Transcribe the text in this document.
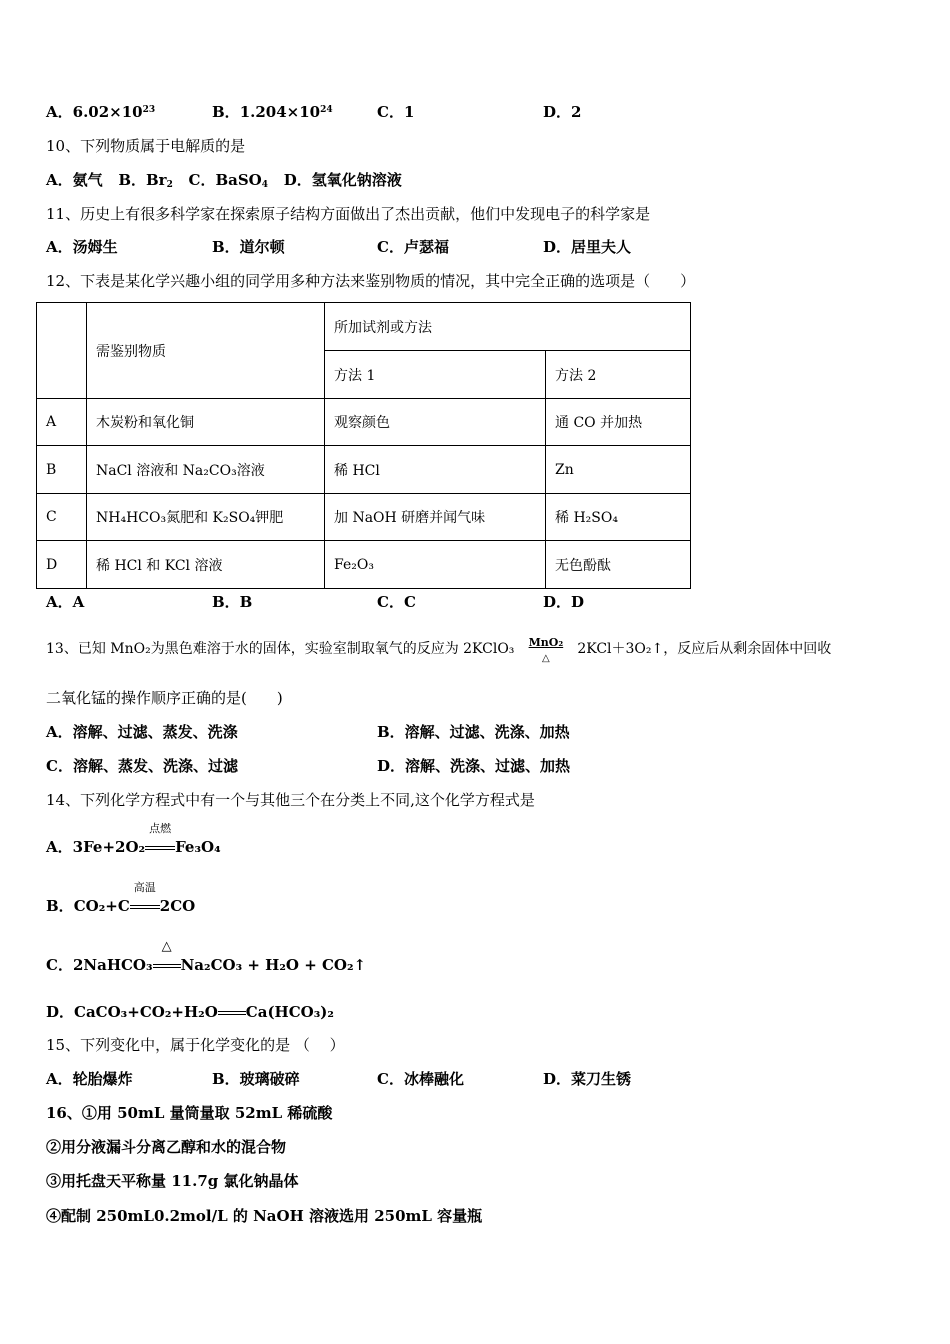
A．$6.02\times 10^{23}$	B．$1.204\times 10^{24}$	C．1	D．2
10、下列物质属于电解质的是
A．氨气 B．$Br_2$ C．BaSO$_4$ D．氢氧化钠溶液
11、历史上有很多科学家在探索原子结构方面做出了杰出贡献，他们中发现电子的科学家是
A．汤姆生	B．道尔顿	C．卢瑟福	D．居里夫人
12、下表是某化学兴趣小组的同学用多种方法来鉴别物质的情况，其中完全正确的选项是（　　）
	需鉴别物质	所加试剂或方法	
		方法 1	方法 2
A	木炭粉和氧化铜	观察颜色	通 CO 并加热
B	NaCl 溶液和 Na₂CO₃溶液	稀 HCl	Zn
C	NH₄HCO₃氮肥和 K₂SO₄钾肥	加 NaOH 研磨并闻气味	稀 H₂SO₄
D	稀 HCl 和 KCl 溶液	Fe₂O₃	无色酚酞
A．A	B．B	C．C	D．D
13、已知 MnO₂为黑色难溶于水的固体，实验室制取氧气的反应为 2KClO₃	MnO₂
△
2KCl＋3O₂↑，反应后从剩余固体中回收
二氧化锰的操作顺序正确的是(　　)
A．溶解、过滤、蒸发、洗涤	B．溶解、过滤、洗涤、加热
C．溶解、蒸发、洗涤、过滤	D．溶解、洗涤、过滤、加热
14、下列化学方程式中有一个与其他三个在分类上不同,这个化学方程式是
A．3Fe+2O₂
点燃
Fe₃O₄
B．CO₂+C
高温
2CO
C．2NaHCO₃
△
Na₂CO₃ + H₂O + CO₂↑
D．CaCO₃+CO₂+H₂O Ca(HCO₃)₂
15、下列变化中，属于化学变化的是 （　 ）
A．轮胎爆炸	B．玻璃破碎	C．冰棒融化	D．菜刀生锈
16、①用 50mL 量筒量取 52mL 稀硫酸
②用分液漏斗分离乙醇和水的混合物
③用托盘天平称量 11.7g 氯化钠晶体
④配制 250mL0.2mol/L 的 NaOH 溶液选用 250mL 容量瓶
